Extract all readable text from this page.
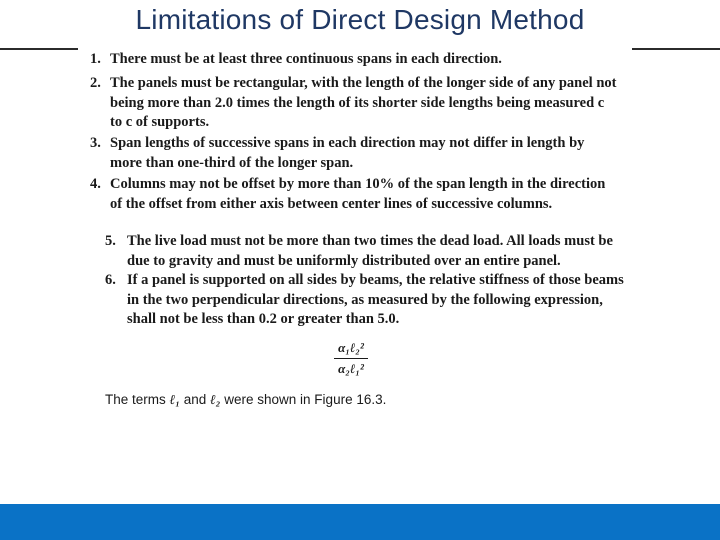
Limitations of Direct Design Method
1. There must be at least three continuous spans in each direction.
2. The panels must be rectangular, with the length of the longer side of any panel not
being more than 2.0 times the length of its shorter side lengths being measured c
to c of supports.
3. Span lengths of successive spans in each direction may not differ in length by
more than one-third of the longer span.
4. Columns may not be offset by more than 10% of the span length in the direction
of the offset from either axis between center lines of successive columns.
5. The live load must not be more than two times the dead load. All loads must be
due to gravity and must be uniformly distributed over an entire panel.
6. If a panel is supported on all sides by beams, the relative stiffness of those beams
in the two perpendicular directions, as measured by the following expression,
shall not be less than 0.2 or greater than 5.0.
α₁ℓ₂²
α₂ℓ₁²
The terms ℓ₁ and ℓ₂ were shown in Figure 16.3.
